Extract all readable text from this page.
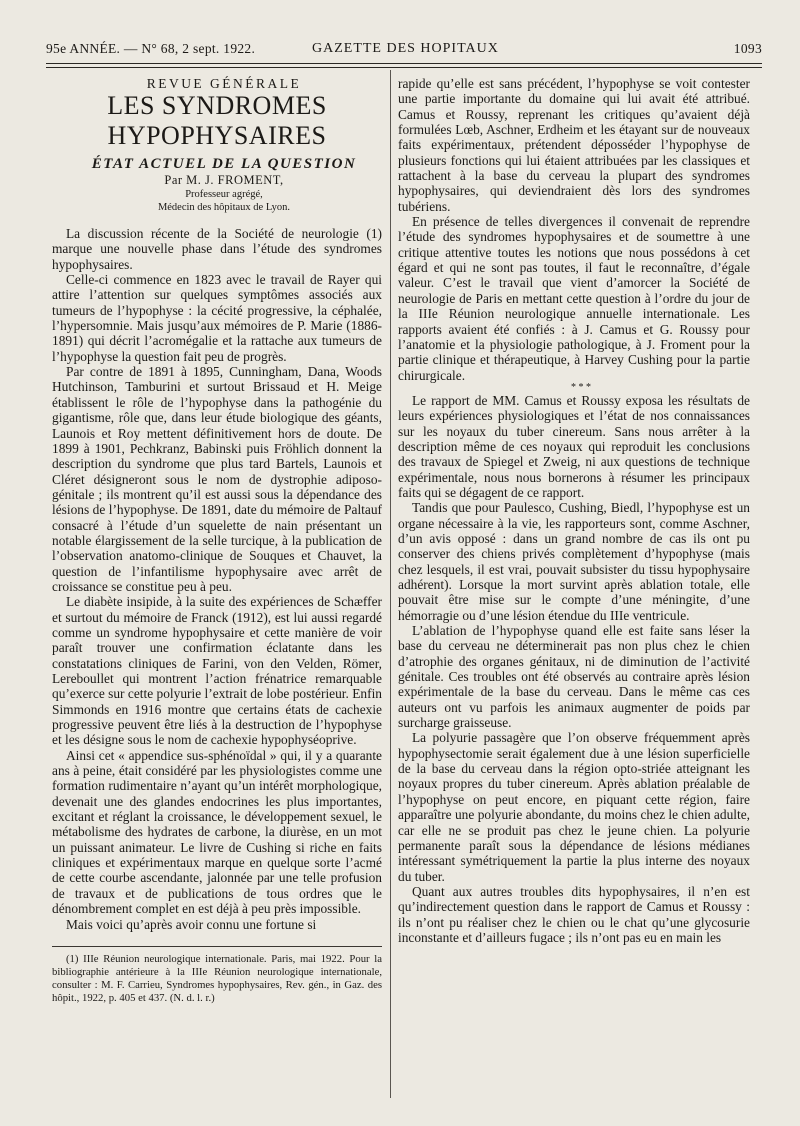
95e ANNÉE. — N° 68, 2 sept. 1922.	GAZETTE DES HOPITAUX	1093

REVUE GÉNÉRALE

LES SYNDROMES HYPOPHYSAIRES

ÉTAT ACTUEL DE LA QUESTION

Par M. J. FROMENT,

Professeur agrégé,

Médecin des hôpitaux de Lyon.

La discussion récente de la Société de neurologie (1) marque une nouvelle phase dans l’étude des syndromes hypophysaires.

Celle-ci commence en 1823 avec le travail de Rayer qui attire l’attention sur quelques symptômes associés aux tumeurs de l’hypophyse : la cécité progressive, la céphalée, l’hypersomnie. Mais jusqu’aux mémoires de P. Marie (1886-1891) qui décrit l’acromégalie et la rattache aux tumeurs de l’hypophyse la question fait peu de progrès.

Par contre de 1891 à 1895, Cunningham, Dana, Woods Hutchinson, Tamburini et surtout Brissaud et H. Meige établissent le rôle de l’hypophyse dans la pathogénie du gigantisme, rôle que, dans leur étude biologique des géants, Launois et Roy mettent définitivement hors de doute. De 1899 à 1901, Pechkranz, Babinski puis Fröhlich donnent la description du syndrome que plus tard Bartels, Launois et Cléret désigneront sous le nom de dystrophie adiposo-génitale ; ils montrent qu’il est aussi sous la dépendance des lésions de l’hypophyse. De 1891, date du mémoire de Paltauf consacré à l’étude d’un squelette de nain présentant un notable élargissement de la selle turcique, à la publication de l’observation anatomo-clinique de Souques et Chauvet, la question de l’infantilisme hypophysaire avec arrêt de croissance se constitue peu à peu.

Le diabète insipide, à la suite des expériences de Schæffer et surtout du mémoire de Franck (1912), est lui aussi regardé comme un syndrome hypophysaire et cette manière de voir paraît trouver une confirmation éclatante dans les constatations cliniques de Farini, von den Velden, Römer, Lereboullet qui montrent l’action frénatrice remarquable qu’exerce sur cette polyurie l’extrait de lobe postérieur. Enfin Simmonds en 1916 montre que certains états de cachexie progressive peuvent être liés à la destruction de l’hypophyse et les désigne sous le nom de cachexie hypophyséoprive.

Ainsi cet « appendice sus-sphénoïdal » qui, il y a quarante ans à peine, était considéré par les physiologistes comme une formation rudimentaire n’ayant qu’un intérêt morphologique, devenait une des glandes endocrines les plus importantes, excitant et réglant la croissance, le développement sexuel, le métabolisme des hydrates de carbone, la diurèse, en un mot un puissant animateur. Le livre de Cushing si riche en faits cliniques et expérimentaux marque en quelque sorte l’acmé de cette courbe ascendante, jalonnée par une telle profusion de travaux et de publications de tous ordres que le dénombrement complet en est déjà à peu près impossible.

Mais voici qu’après avoir connu une fortune si

(1) IIIe Réunion neurologique internationale. Paris, mai 1922. Pour la bibliographie antérieure à la IIIe Réunion neurologique internationale, consulter : M. F. Carrieu, Syndromes hypophysaires, Rev. gén., in Gaz. des hôpit., 1922, p. 405 et 437. (N. d. l. r.)

rapide qu’elle est sans précédent, l’hypophyse se voit contester une partie importante du domaine qui lui avait été attribué. Camus et Roussy, reprenant les critiques qu’avaient déjà formulées Lœb, Aschner, Erdheim et les étayant sur de nouveaux faits expérimentaux, prétendent déposséder l’hypophyse de plusieurs fonctions qui lui étaient attribuées par les classiques et rattachent à la base du cerveau la plupart des syndromes hypophysaires, qui deviendraient dès lors des syndromes tubériens.

En présence de telles divergences il convenait de reprendre l’étude des syndromes hypophysaires et de soumettre à une critique attentive toutes les notions que nous possédons à cet égard et qui ne sont pas toutes, il faut le reconnaître, d’égale valeur. C’est le travail que vient d’amorcer la Société de neurologie de Paris en mettant cette question à l’ordre du jour de la IIIe Réunion neurologique annuelle internationale. Les rapports avaient été confiés : à J. Camus et G. Roussy pour l’anatomie et la physiologie pathologique, à J. Froment pour la partie clinique et thérapeutique, à Harvey Cushing pour la partie chirurgicale.

* * *

Le rapport de MM. Camus et Roussy exposa les résultats de leurs expériences physiologiques et l’état de nos connaissances sur les noyaux du tuber cinereum. Sans nous arrêter à la description même de ces noyaux qui reproduit les conclusions des travaux de Spiegel et Zweig, ni aux questions de technique expérimentale, nous nous bornerons à résumer les principaux faits qui se dégagent de ce rapport.

Tandis que pour Paulesco, Cushing, Biedl, l’hypophyse est un organe nécessaire à la vie, les rapporteurs sont, comme Aschner, d’un avis opposé : dans un grand nombre de cas ils ont pu conserver des chiens privés complètement d’hypophyse (mais chez lesquels, il est vrai, pouvait subsister du tissu hypophysaire adhérent). Lorsque la mort survint après ablation totale, elle pouvait être mise sur le compte d’une méningite, d’une hémorragie ou d’une lésion étendue du IIIe ventricule.

L’ablation de l’hypophyse quand elle est faite sans léser la base du cerveau ne déterminerait pas non plus chez le chien d’atrophie des organes génitaux, ni de diminution de l’activité génitale. Ces troubles ont été observés au contraire après lésion expérimentale de la base du cerveau. Dans le même cas ces auteurs ont vu parfois les animaux augmenter de poids par surcharge graisseuse.

La polyurie passagère que l’on observe fréquemment après hypophysectomie serait également due à une lésion superficielle de la base du cerveau dans la région opto-striée atteignant les noyaux propres du tuber cinereum. Après ablation préalable de l’hypophyse on peut encore, en piquant cette région, faire apparaître une polyurie abondante, du moins chez le chien adulte, car elle ne se produit pas chez le jeune chien. La polyurie permanente paraît sous la dépendance de lésions médianes intéressant symétriquement la partie la plus interne des noyaux du tuber.

Quant aux autres troubles dits hypophysaires, il n’en est qu’indirectement question dans le rapport de Camus et Roussy : ils n’ont pu réaliser chez le chien ou le chat qu’une glycosurie inconstante et d’ailleurs fugace ; ils n’ont pas eu en main les
